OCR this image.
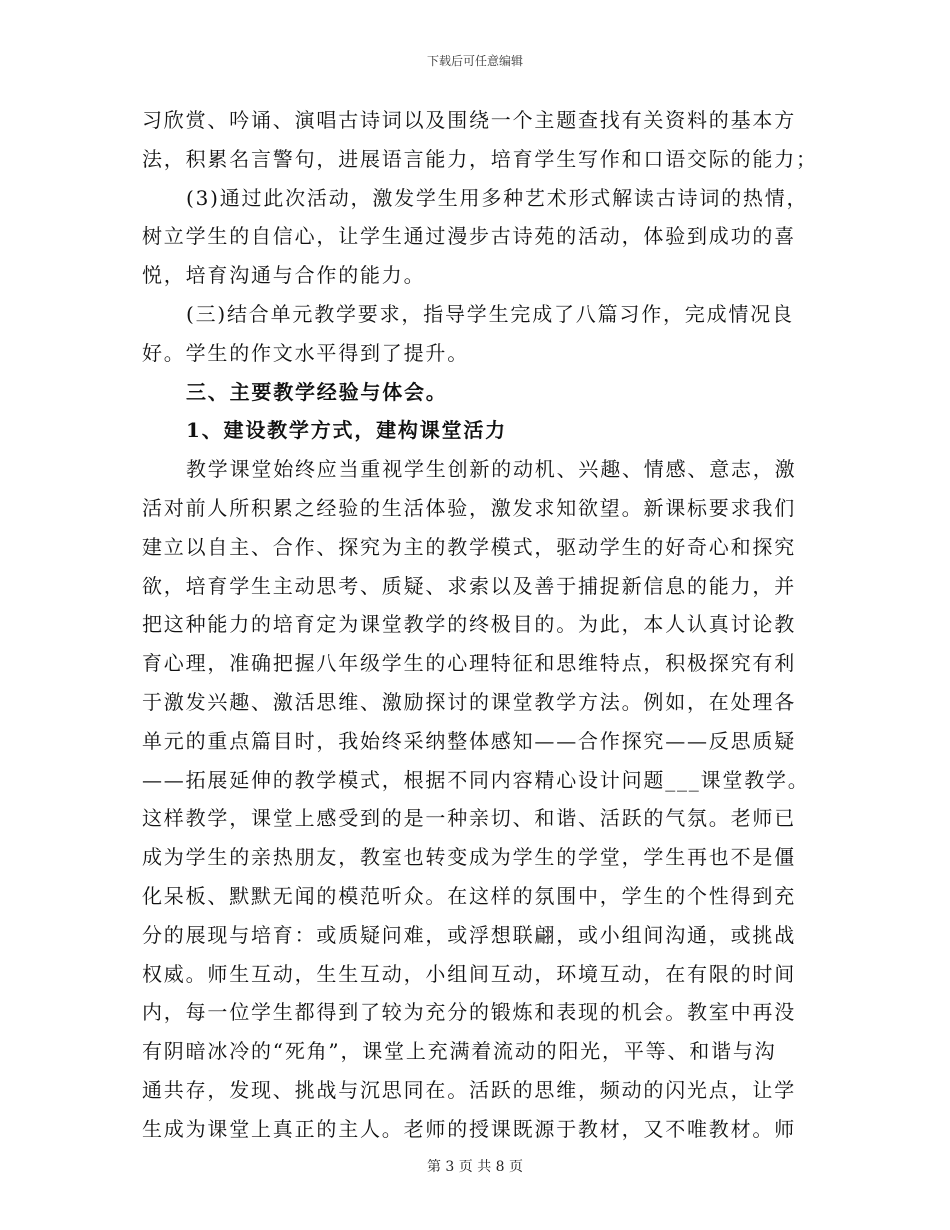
下载后可任意编辑
习欣赏、吟诵、演唱古诗词以及围绕一个主题查找有关资料的基本方
法，积累名言警句，进展语言能力，培育学生写作和口语交际的能力；
(3)通过此次活动，激发学生用多种艺术形式解读古诗词的热情，
树立学生的自信心，让学生通过漫步古诗苑的活动，体验到成功的喜
悦，培育沟通与合作的能力。
(三)结合单元教学要求，指导学生完成了八篇习作，完成情况良
好。学生的作文水平得到了提升。
三、主要教学经验与体会。
1、建设教学方式，建构课堂活力
教学课堂始终应当重视学生创新的动机、兴趣、情感、意志，激
活对前人所积累之经验的生活体验，激发求知欲望。新课标要求我们
建立以自主、合作、探究为主的教学模式，驱动学生的好奇心和探究
欲，培育学生主动思考、质疑、求索以及善于捕捉新信息的能力，并
把这种能力的培育定为课堂教学的终极目的。为此，本人认真讨论教
育心理，准确把握八年级学生的心理特征和思维特点，积极探究有利
于激发兴趣、激活思维、激励探讨的课堂教学方法。例如，在处理各
单元的重点篇目时，我始终采纳整体感知——合作探究——反思质疑
——拓展延伸的教学模式，根据不同内容精心设计问题___课堂教学。
这样教学，课堂上感受到的是一种亲切、和谐、活跃的气氛。老师已
成为学生的亲热朋友，教室也转变成为学生的学堂，学生再也不是僵
化呆板、默默无闻的模范听众。在这样的氛围中，学生的个性得到充
分的展现与培育：或质疑问难，或浮想联翩，或小组间沟通，或挑战
权威。师生互动，生生互动，小组间互动，环境互动，在有限的时间
内，每一位学生都得到了较为充分的锻炼和表现的机会。教室中再没
有阴暗冰冷的“死角”，课堂上充满着流动的阳光，平等、和谐与沟
通共存，发现、挑战与沉思同在。活跃的思维，频动的闪光点，让学
生成为课堂上真正的主人。老师的授课既源于教材，又不唯教材。师
第 3 页 共 8 页
